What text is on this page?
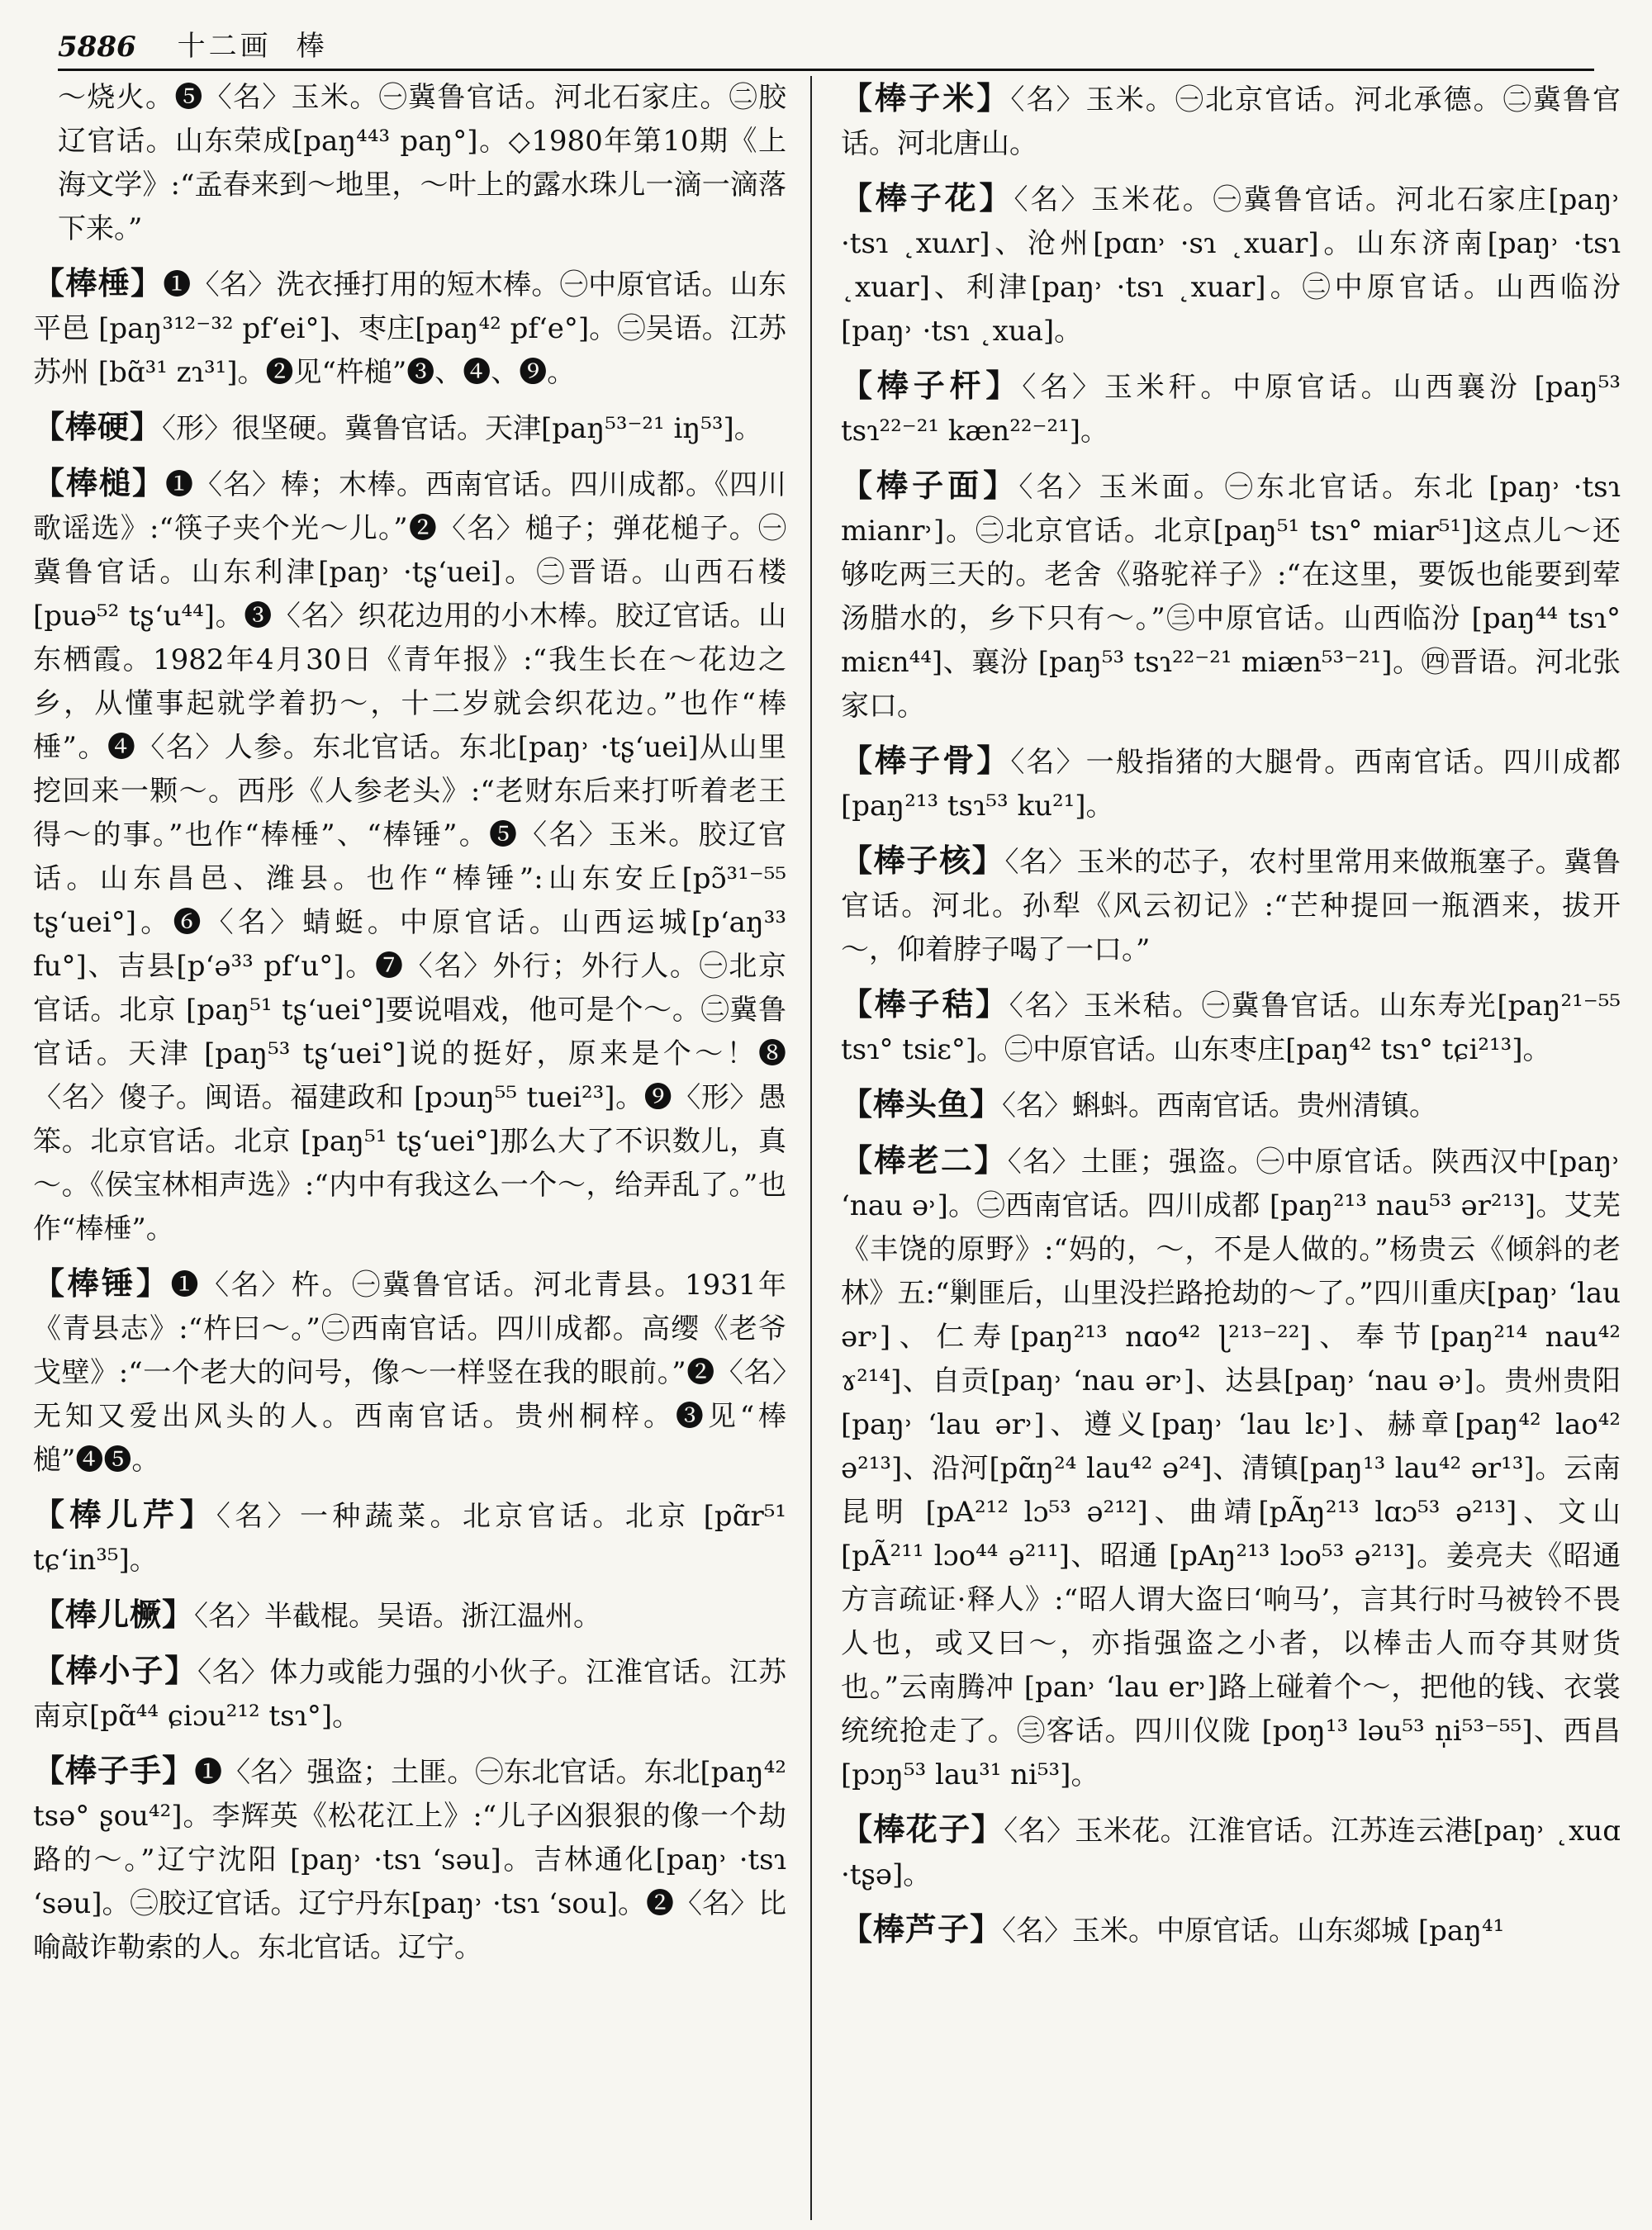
5886 十二画 棒

～烧火。❺〈名〉玉米。㊀冀鲁官话。河北石家庄。㊁胶辽官话。山东荣成[paŋ⁴⁴³ paŋ°]。◇1980年第10期《上海文学》:“孟春来到～地里，～叶上的露水珠儿一滴一滴落下来。”

【棒棰】❶〈名〉洗衣捶打用的短木棒。㊀中原官话。山东平邑 [paŋ³¹²⁻³² pfʻei°]、枣庄[paŋ⁴² pfʻe°]。㊁吴语。江苏苏州 [bɑ̃³¹ zɿ³¹]。❷见“杵槌”❸、❹、❾。

【棒硬】〈形〉很坚硬。冀鲁官话。天津[paŋ⁵³⁻²¹ iŋ⁵³]。

【棒槌】❶〈名〉棒；木棒。西南官话。四川成都。《四川歌谣选》:“筷子夹个光～儿。”❷〈名〉槌子；弹花槌子。㊀冀鲁官话。山东利津[paŋ˒ ·tʂʻuei]。㊁晋语。山西石楼 [puə⁵² tʂʻu⁴⁴]。❸〈名〉织花边用的小木棒。胶辽官话。山东栖霞。1982年4月30日《青年报》:“我生长在～花边之乡，从懂事起就学着扔～，十二岁就会织花边。”也作“棒棰”。❹〈名〉人参。东北官话。东北[paŋ˒ ·tʂʻuei]从山里挖回来一颗～。西彤《人参老头》:“老财东后来打听着老王得～的事。”也作“棒棰”、“棒锤”。❺〈名〉玉米。胶辽官话。山东昌邑、潍县。也作“棒锤”:山东安丘[pɔ̃³¹⁻⁵⁵ tʂʻuei°]。❻〈名〉蜻蜓。中原官话。山西运城[pʻaŋ³³ fu°]、吉县[pʻə³³ pfʻu°]。❼〈名〉外行；外行人。㊀北京官话。北京 [paŋ⁵¹ tʂʻuei°]要说唱戏，他可是个～。㊁冀鲁官话。天津 [paŋ⁵³ tʂʻuei°]说的挺好，原来是个～！❽〈名〉傻子。闽语。福建政和 [pɔuŋ⁵⁵ tuei²³]。❾〈形〉愚笨。北京官话。北京 [paŋ⁵¹ tʂʻuei°]那么大了不识数儿，真～。《侯宝林相声选》:“内中有我这么一个～，给弄乱了。”也作“棒棰”。

【棒锤】❶〈名〉杵。㊀冀鲁官话。河北青县。1931年《青县志》:“杵曰～。”㊁西南官话。四川成都。高缨《老爷戈壁》:“一个老大的问号，像～一样竖在我的眼前。”❷〈名〉无知又爱出风头的人。西南官话。贵州桐梓。❸见“棒槌”❹❺。

【棒儿芹】〈名〉一种蔬菜。北京官话。北京 [pɑ̃r⁵¹ tɕʻin³⁵]。

【棒儿橛】〈名〉半截棍。吴语。浙江温州。

【棒小子】〈名〉体力或能力强的小伙子。江淮官话。江苏南京[pɑ̃⁴⁴ ɕiɔu²¹² tsɿ°]。

【棒子手】❶〈名〉强盗；土匪。㊀东北官话。东北[paŋ⁴² tsə° ʂou⁴²]。李辉英《松花江上》:“儿子凶狠狠的像一个劫路的～。”辽宁沈阳 [paŋ˒ ·tsɿ ʻsəu]。吉林通化[paŋ˒ ·tsɿ ʻsəu]。㊁胶辽官话。辽宁丹东[paŋ˒ ·tsɿ ʻsou]。❷〈名〉比喻敲诈勒索的人。东北官话。辽宁。

【棒子米】〈名〉玉米。㊀北京官话。河北承德。㊁冀鲁官话。河北唐山。

【棒子花】〈名〉玉米花。㊀冀鲁官话。河北石家庄[paŋ˒ ·tsɿ ˛xuʌr]、沧州[pɑn˒ ·sɿ ˛xuar]。山东济南[paŋ˒ ·tsɿ ˛xuar]、利津[paŋ˒ ·tsɿ ˛xuar]。㊁中原官话。山西临汾 [paŋ˒ ·tsɿ ˛xua]。

【棒子杆】〈名〉玉米秆。中原官话。山西襄汾 [paŋ⁵³ tsɿ²²⁻²¹ kæn²²⁻²¹]。

【棒子面】〈名〉玉米面。㊀东北官话。东北 [paŋ˒ ·tsɿ mianr˒]。㊁北京官话。北京[paŋ⁵¹ tsɿ° miar⁵¹]这点儿～还够吃两三天的。老舍《骆驼祥子》:“在这里，要饭也能要到荤汤腊水的，乡下只有～。”㊂中原官话。山西临汾 [paŋ⁴⁴ tsɿ° miɛn⁴⁴]、襄汾 [paŋ⁵³ tsɿ²²⁻²¹ miæn⁵³⁻²¹]。㊃晋语。河北张家口。

【棒子骨】〈名〉一般指猪的大腿骨。西南官话。四川成都[paŋ²¹³ tsɿ⁵³ ku²¹]。

【棒子核】〈名〉玉米的芯子，农村里常用来做瓶塞子。冀鲁官话。河北。孙犁《风云初记》:“芒种提回一瓶酒来，拔开～，仰着脖子喝了一口。”

【棒子秸】〈名〉玉米秸。㊀冀鲁官话。山东寿光[paŋ²¹⁻⁵⁵ tsɿ° tsiɛ°]。㊁中原官话。山东枣庄[paŋ⁴² tsɿ° tɕi²¹³]。

【棒头鱼】〈名〉蝌蚪。西南官话。贵州清镇。

【棒老二】〈名〉土匪；强盗。㊀中原官话。陕西汉中[paŋ˒ ʻnau ə˒]。㊁西南官话。四川成都 [paŋ²¹³ nau⁵³ ər²¹³]。艾芜《丰饶的原野》:“妈的，～，不是人做的。”杨贵云《倾斜的老林》五:“剿匪后，山里没拦路抢劫的～了。”四川重庆[paŋ˒ ʻlau ər˒]、仁寿[paŋ²¹³ nɑo⁴² ɭ²¹³⁻²²]、奉节[paŋ²¹⁴ nau⁴² ɤ²¹⁴]、自贡[paŋ˒ ʻnau ər˒]、达县[paŋ˒ ʻnau ə˒]。贵州贵阳 [paŋ˒ ʻlau ər˒]、遵义[paŋ˒ ʻlau lɛ˒]、赫章[paŋ⁴² lao⁴² ə²¹³]、沿河[pɑ̃ŋ²⁴ lau⁴² ə²⁴]、清镇[paŋ¹³ lau⁴² ər¹³]。云南昆明 [pA²¹² lɔ⁵³ ə²¹²]、曲靖[pÃŋ²¹³ lɑɔ⁵³ ə²¹³]、文山 [pÃ²¹¹ lɔo⁴⁴ ə²¹¹]、昭通 [pAŋ²¹³ lɔo⁵³ ə²¹³]。姜亮夫《昭通方言疏证·释人》:“昭人谓大盗曰‘响马’，言其行时马被铃不畏人也，或又曰～，亦指强盗之小者，以棒击人而夺其财货也。”云南腾冲 [pan˒ ʻlau er˒]路上碰着个～，把他的钱、衣裳统统抢走了。㊂客话。四川仪陇 [poŋ¹³ ləu⁵³ n̩i⁵³⁻⁵⁵]、西昌 [pɔŋ⁵³ lau³¹ ni⁵³]。

【棒花子】〈名〉玉米花。江淮官话。江苏连云港[paŋ˒ ˛xuɑ ·tʂə]。

【棒芦子】〈名〉玉米。中原官话。山东郯城 [paŋ⁴¹
